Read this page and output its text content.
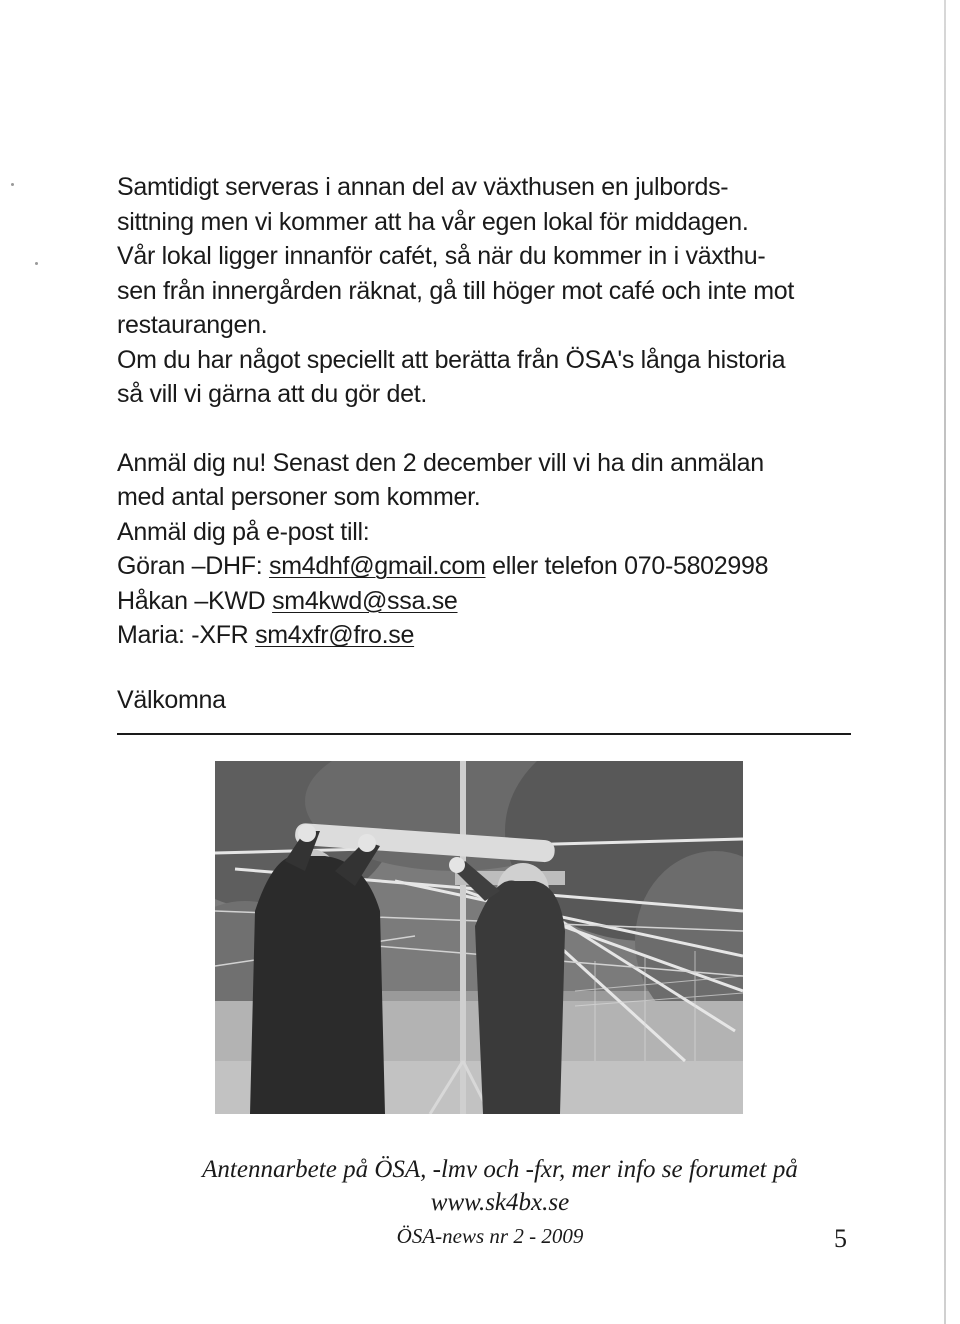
Samtidigt serveras i annan del av växthusen en julbords-

sittning men vi kommer att ha vår egen lokal för middagen.

Vår lokal ligger innanför cafét, så när du kommer in i växthu-

sen från innergården räknat, gå till höger mot café och inte mot

restaurangen.

Om du har något speciellt att berätta från ÖSA's långa historia

så vill vi gärna att du gör det.

Anmäl dig nu! Senast den 2 december vill vi ha din anmälan

med antal personer som kommer.

Anmäl dig på e-post till:

Göran –DHF: sm4dhf@gmail.com eller telefon 070-5802998

Håkan –KWD sm4kwd@ssa.se

Maria: -XFR sm4xfr@fro.se

Välkomna

Antennarbete på ÖSA, -lmv och -fxr, mer info se forumet på

www.sk4bx.se

ÖSA-news nr 2 - 2009	5
